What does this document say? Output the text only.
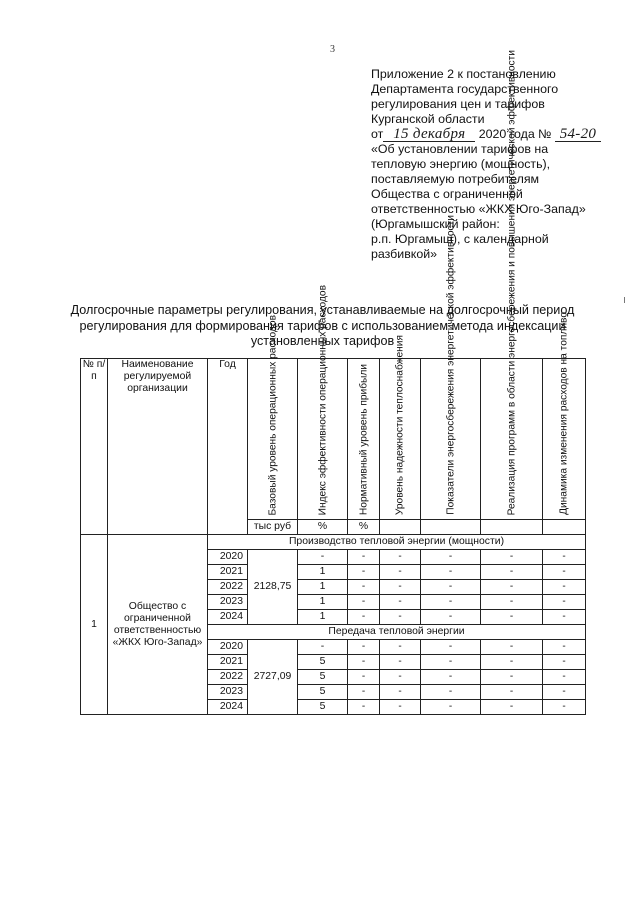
3
Приложение 2 к постановлению
Департамента государственного
регулирования цен и тарифов
Курганской области
от 15 декабря 2020 года № 54-20
«Об установлении тарифов на
тепловую энергию (мощность),
поставляемую потребителям
Общества с ограниченной
ответственностью «ЖКХ Юго-Запад»
(Юргамышский район:
р.п. Юргамыш), с календарной
разбивкой»
Долгосрочные параметры регулирования, устанавливаемые на долгосрочный период
регулирования для формирования тарифов с использованием метода индексации
установленных тарифов
№ п/п	Наименование регулируемой организации	Год	Базовый уровень операционных расходов	Индекс эффективности операционных расходов	Нормативный уровень прибыли	Уровень надежности теплоснабжения	Показатели энергосбережения энергетической эффективности	Реализация программ в области энергосбережения и повышения энергетической эффективности	Динамика изменения расходов на топливо

			тыс руб	%	%				
1	Общество с ограниченной ответственностью «ЖКХ Юго-Запад»	Производство тепловой энергии (мощности)							
		2020	2128,75	-	-	-	-	-	-
		2021		1	-	-	-	-	-
		2022		1	-	-	-	-	-
		2023		1	-	-	-	-	-
		2024		1	-	-	-	-	-
		Передача тепловой энергии							
		2020	2727,09	-	-	-	-	-	-
		2021		5	-	-	-	-	-
		2022		5	-	-	-	-	-
		2023		5	-	-	-	-	-
		2024		5	-	-	-	-	-
